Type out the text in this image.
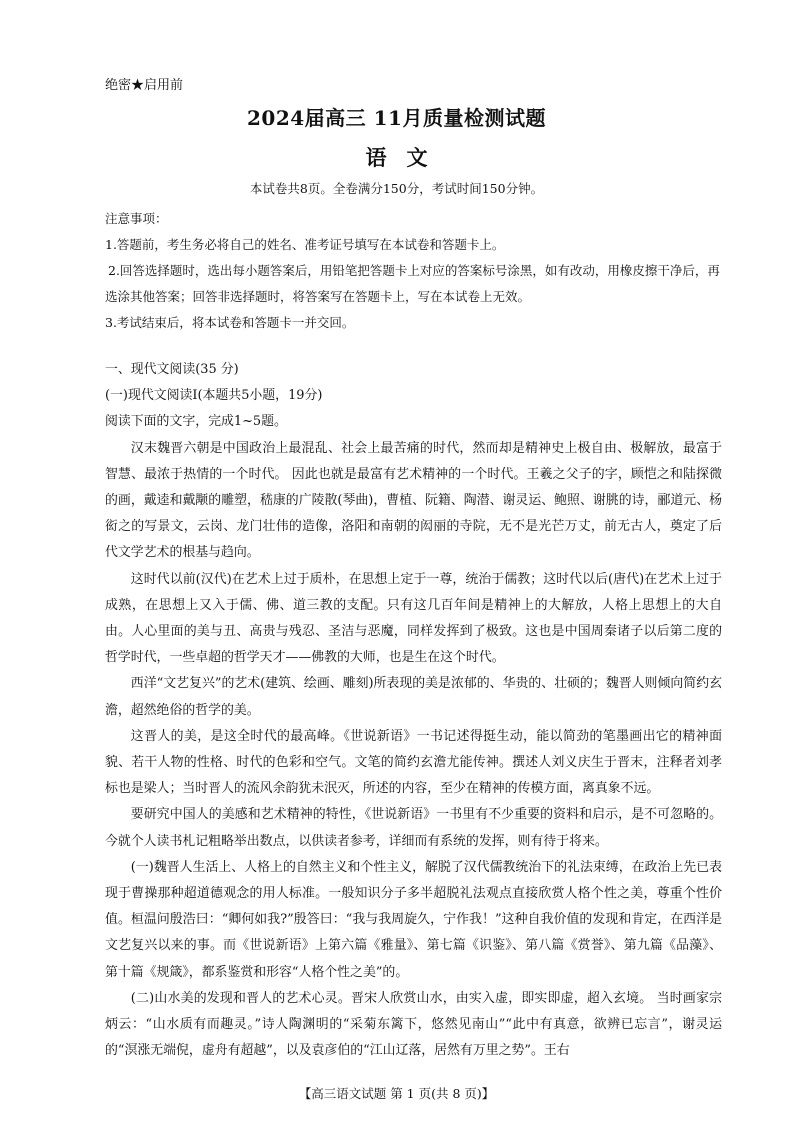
绝密★启用前
2024届高三 11月质量检测试题
语文
本试卷共8页。全卷满分150分，考试时间150分钟。

注意事项：

1.答题前，考生务必将自己的姓名、准考证号填写在本试卷和答题卡上。

2.回答选择题时，选出每小题答案后，用铅笔把答题卡上对应的答案标号涂黑，如有改动，用橡皮擦干净后，再选涂其他答案；回答非选择题时，将答案写在答题卡上，写在本试卷上无效。

3.考试结束后，将本试卷和答题卡一并交回。

一、现代文阅读(35 分)

(一)现代文阅读Ⅰ(本题共5小题，19分)

阅读下面的文字，完成1~5题。

汉末魏晋六朝是中国政治上最混乱、社会上最苦痛的时代，然而却是精神史上极自由、极解放，最富于智慧、最浓于热情的一个时代。 因此也就是最富有艺术精神的一个时代。王羲之父子的字，顾恺之和陆探微的画，戴逵和戴颙的雕塑，嵇康的广陵散(琴曲)，曹植、阮籍、陶潜、谢灵运、鲍照、谢朓的诗，郦道元、杨衒之的写景文，云岗、龙门壮伟的造像，洛阳和南朝的闳丽的寺院，无不是光芒万丈，前无古人，奠定了后代文学艺术的根基与趋向。

这时代以前(汉代)在艺术上过于质朴，在思想上定于一尊，统治于儒教；这时代以后(唐代)在艺术上过于成熟，在思想上又入于儒、佛、道三教的支配。只有这几百年间是精神上的大解放，人格上思想上的大自由。人心里面的美与丑、高贵与残忍、圣洁与恶魔，同样发挥到了极致。这也是中国周秦诸子以后第二度的哲学时代，一些卓超的哲学天才——佛教的大师，也是生在这个时代。

西洋“文艺复兴”的艺术(建筑、绘画、雕刻)所表现的美是浓郁的、华贵的、壮硕的；魏晋人则倾向简约玄澹，超然绝俗的哲学的美。

这晋人的美，是这全时代的最高峰。《世说新语》一书记述得挺生动，能以简劲的笔墨画出它的精神面貌、若干人物的性格、时代的色彩和空气。文笔的简约玄澹尤能传神。撰述人刘义庆生于晋末，注释者刘孝标也是梁人；当时晋人的流风余韵犹未泯灭，所述的内容，至少在精神的传模方面，离真象不远。

要研究中国人的美感和艺术精神的特性，《世说新语》一书里有不少重要的资料和启示，是不可忽略的。今就个人读书札记粗略举出数点，以供读者参考，详细而有系统的发挥，则有待于将来。

(一)魏晋人生活上、人格上的自然主义和个性主义，解脱了汉代儒教统治下的礼法束缚，在政治上先已表现于曹操那种超道德观念的用人标准。一般知识分子多半超脱礼法观点直接欣赏人格个性之美，尊重个性价值。桓温问殷浩曰：“卿何如我?”殷答曰：“我与我周旋久，宁作我！”这种自我价值的发现和肯定，在西洋是文艺复兴以来的事。而《世说新语》上第六篇《雅量》、第七篇《识鉴》、第八篇《赏誉》、第九篇《品藻》、第十篇《规箴》，都系鉴赏和形容“人格个性之美”的。

(二)山水美的发现和晋人的艺术心灵。晋宋人欣赏山水，由实入虚，即实即虚，超入玄境。 当时画家宗炳云：“山水质有而趣灵。”诗人陶渊明的“采菊东篱下，悠然见南山”“此中有真意，欲辨已忘言”，谢灵运的“溟涨无端倪，虚舟有超越”，以及袁彦伯的“江山辽落，居然有万里之势”。王右

【高三语文试题 第 1 页(共 8 页)】
